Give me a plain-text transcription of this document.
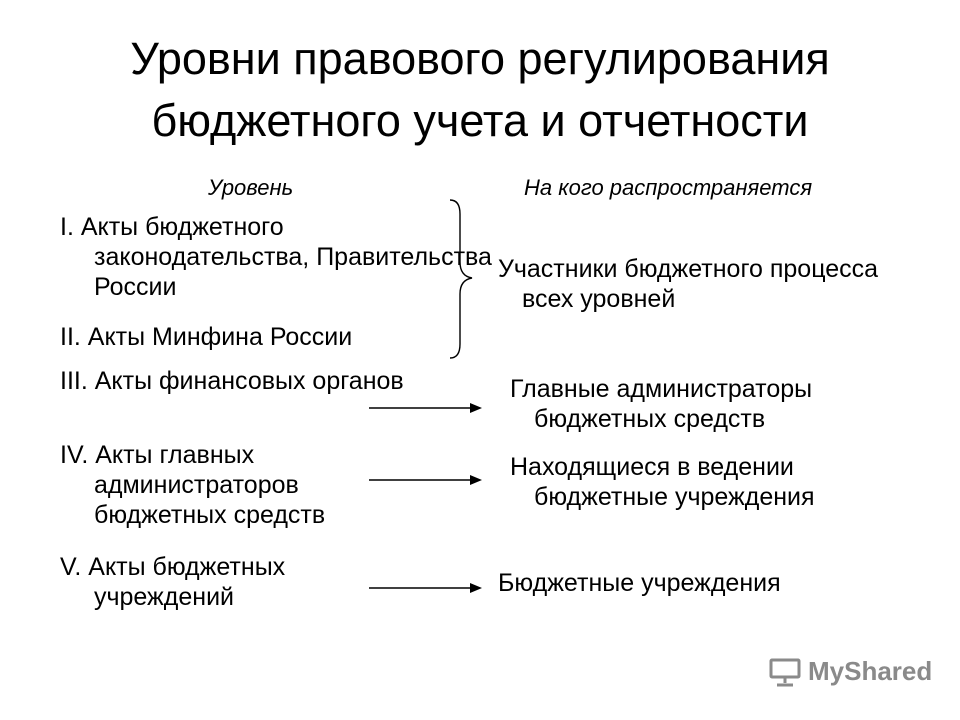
Уровни правового регулирования
бюджетного учета и отчетности
Уровень	На кого распространяется
I. Акты бюджетного законодательства, Правительства России
II. Акты Минфина России
III. Акты финансовых органов
IV. Акты главных администраторов бюджетных средств
V. Акты бюджетных учреждений
Участники бюджетного процесса всех уровней
Главные администраторы бюджетных средств
Находящиеся в ведении бюджетные учреждения
Бюджетные учреждения
MyShared
